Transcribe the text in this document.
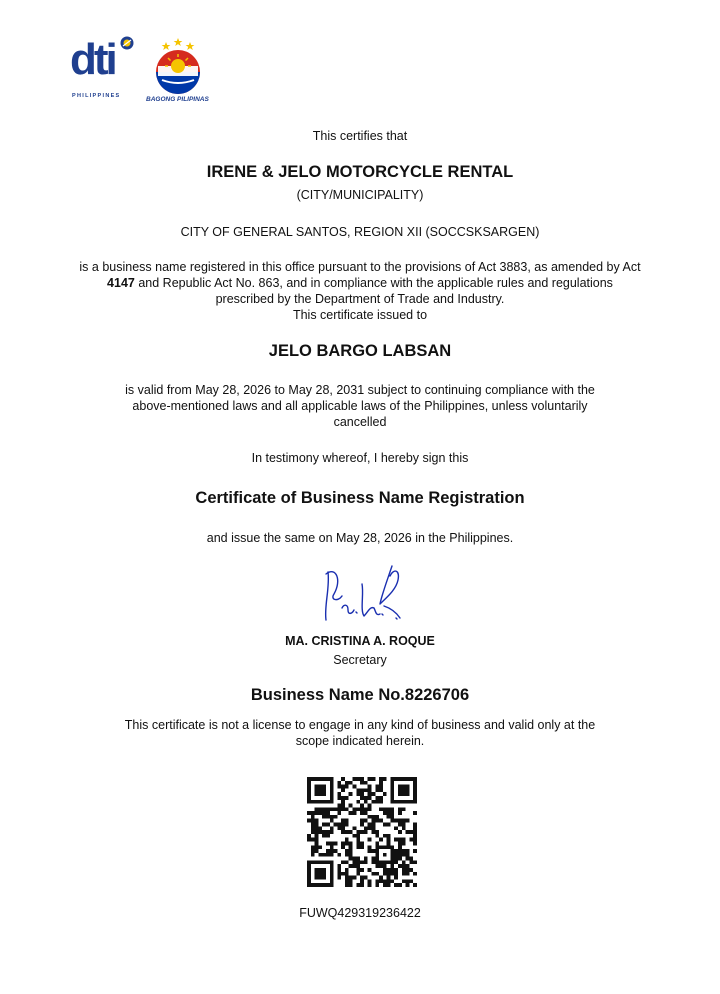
dti
PHILIPPINES	BAGONG PILIPINAS
This certifies that
IRENE & JELO MOTORCYCLE RENTAL
(CITY/MUNICIPALITY)
CITY OF GENERAL SANTOS, REGION XII (SOCCSKSARGEN)
is a business name registered in this office pursuant to the provisions of Act 3883, as amended by Act
4147 and Republic Act No. 863, and in compliance with the applicable rules and regulations
prescribed by the Department of Trade and Industry.
This certificate issued to
JELO BARGO LABSAN
is valid from May 28, 2026 to May 28, 2031 subject to continuing compliance with the
above-mentioned laws and all applicable laws of the Philippines, unless voluntarily
cancelled
In testimony whereof, I hereby sign this
Certificate of Business Name Registration
and issue the same on May 28, 2026 in the Philippines.
MA. CRISTINA A. ROQUE
Secretary
Business Name No.8226706
This certificate is not a license to engage in any kind of business and valid only at the
scope indicated herein.
FUWQ429319236422
